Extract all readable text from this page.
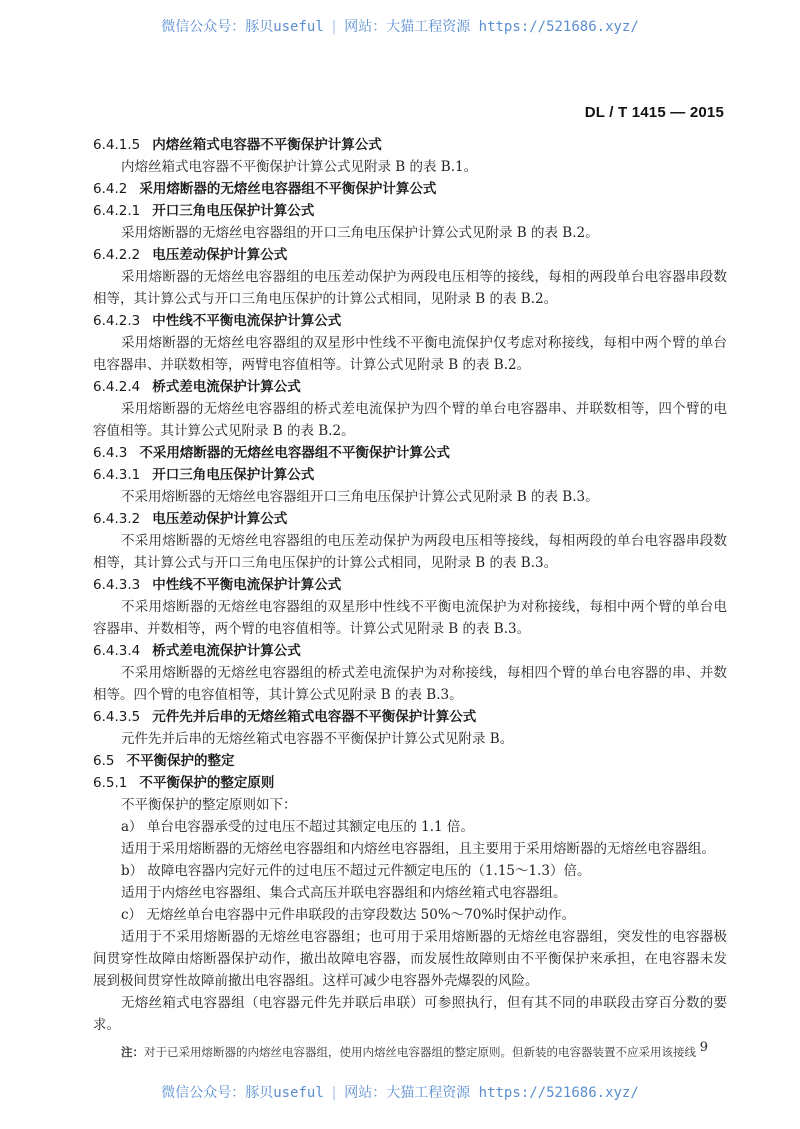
微信公众号：豚贝useful | 网站：大猫工程资源 https://521686.xyz/
DL / T 1415 — 2015
6.4.1.5 内熔丝箱式电容器不平衡保护计算公式
内熔丝箱式电容器不平衡保护计算公式见附录 B 的表 B.1。
6.4.2 采用熔断器的无熔丝电容器组不平衡保护计算公式
6.4.2.1 开口三角电压保护计算公式
采用熔断器的无熔丝电容器组的开口三角电压保护计算公式见附录 B 的表 B.2。
6.4.2.2 电压差动保护计算公式
采用熔断器的无熔丝电容器组的电压差动保护为两段电压相等的接线，每相的两段单台电容器串段数相等，其计算公式与开口三角电压保护的计算公式相同，见附录 B 的表 B.2。
6.4.2.3 中性线不平衡电流保护计算公式
采用熔断器的无熔丝电容器组的双星形中性线不平衡电流保护仅考虑对称接线，每相中两个臂的单台电容器串、并联数相等，两臂电容值相等。计算公式见附录 B 的表 B.2。
6.4.2.4 桥式差电流保护计算公式
采用熔断器的无熔丝电容器组的桥式差电流保护为四个臂的单台电容器串、并联数相等，四个臂的电容值相等。其计算公式见附录 B 的表 B.2。
6.4.3 不采用熔断器的无熔丝电容器组不平衡保护计算公式
6.4.3.1 开口三角电压保护计算公式
不采用熔断器的无熔丝电容器组开口三角电压保护计算公式见附录 B 的表 B.3。
6.4.3.2 电压差动保护计算公式
不采用熔断器的无熔丝电容器组的电压差动保护为两段电压相等接线，每相两段的单台电容器串段数相等，其计算公式与开口三角电压保护的计算公式相同，见附录 B 的表 B.3。
6.4.3.3 中性线不平衡电流保护计算公式
不采用熔断器的无熔丝电容器组的双星形中性线不平衡电流保护为对称接线，每相中两个臂的单台电容器串、并数相等，两个臂的电容值相等。计算公式见附录 B 的表 B.3。
6.4.3.4 桥式差电流保护计算公式
不采用熔断器的无熔丝电容器组的桥式差电流保护为对称接线，每相四个臂的单台电容器的串、并数相等。四个臂的电容值相等，其计算公式见附录 B 的表 B.3。
6.4.3.5 元件先并后串的无熔丝箱式电容器不平衡保护计算公式
元件先并后串的无熔丝箱式电容器不平衡保护计算公式见附录 B。
6.5 不平衡保护的整定
6.5.1 不平衡保护的整定原则
不平衡保护的整定原则如下：
a） 单台电容器承受的过电压不超过其额定电压的 1.1 倍。
适用于采用熔断器的无熔丝电容器组和内熔丝电容器组，且主要用于采用熔断器的无熔丝电容器组。
b） 故障电容器内完好元件的过电压不超过元件额定电压的（1.15～1.3）倍。
适用于内熔丝电容器组、集合式高压并联电容器组和内熔丝箱式电容器组。
c） 无熔丝单台电容器中元件串联段的击穿段数达 50%～70%时保护动作。
适用于不采用熔断器的无熔丝电容器组；也可用于采用熔断器的无熔丝电容器组，突发性的电容器极间贯穿性故障由熔断器保护动作，撤出故障电容器，而发展性故障则由不平衡保护来承担，在电容器未发展到极间贯穿性故障前撤出电容器组。这样可减少电容器外壳爆裂的风险。
无熔丝箱式电容器组（电容器元件先并联后串联）可参照执行，但有其不同的串联段击穿百分数的要求。
注：对于已采用熔断器的内熔丝电容器组，使用内熔丝电容器组的整定原则。但新装的电容器装置不应采用该接线 9
微信公众号：豚贝useful | 网站：大猫工程资源 https://521686.xyz/
